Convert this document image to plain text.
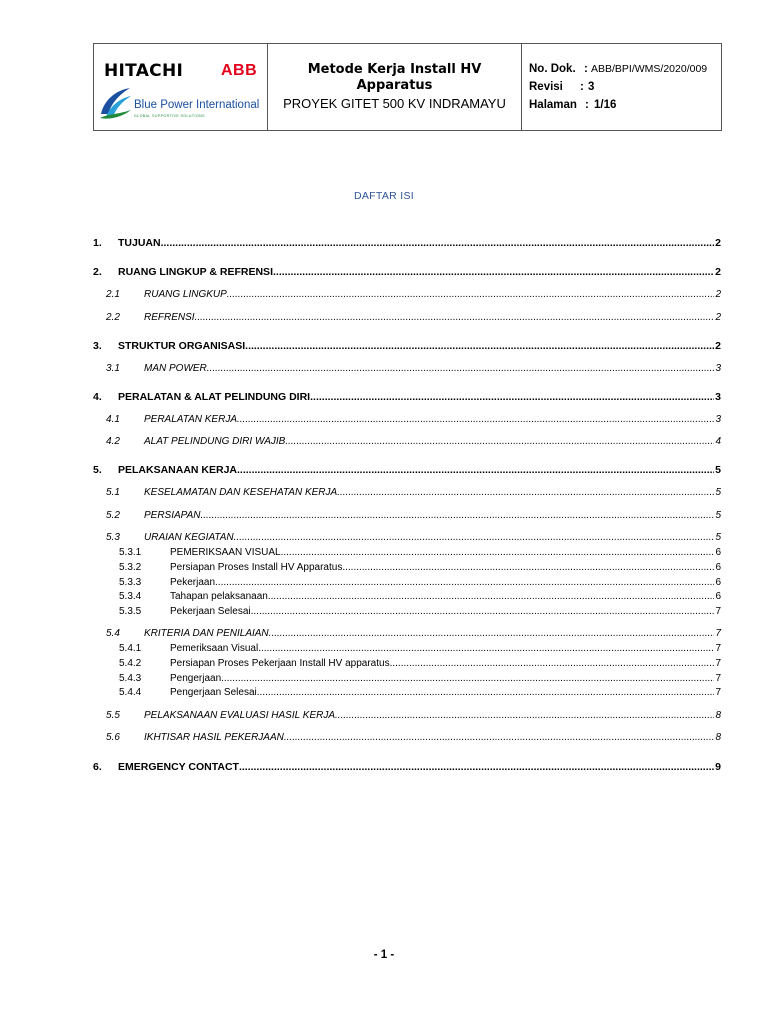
HITACHI ABB
Blue Power International
GLOBAL SUPPORTIVE SOLUTIONS
Metode Kerja Install HV Apparatus
PROYEK GITET 500 KV INDRAMAYU
No. Dok. : ABB/BPI/WMS/2020/009
Revisi	: 3
Halaman : 1/16
DAFTAR ISI
1.	TUJUAN .....	2
2.	RUANG LINGKUP & REFRENSI .....	2
2.1	RUANG LINGKUP .....	2
2.2	REFRENSI .....	2
3.	STRUKTUR ORGANISASI .....	2
3.1	MAN POWER .....	3
4.	PERALATAN & ALAT PELINDUNG DIRI .....	3
4.1	PERALATAN KERJA .....	3
4.2	ALAT PELINDUNG DIRI WAJIB .....	4
5.	PELAKSANAAN KERJA .....	5
5.1	KESELAMATAN DAN KESEHATAN KERJA .....	5
5.2	PERSIAPAN .....	5
5.3	URAIAN KEGIATAN .....	5
5.3.1	PEMERIKSAAN VISUAL .....	6
5.3.2	Persiapan Proses Install HV Apparatus .....	6
5.3.3	Pekerjaan .....	6
5.3.4	Tahapan pelaksanaan .....	6
5.3.5	Pekerjaan Selesai .....	7
5.4	KRITERIA DAN PENILAIAN .....	7
5.4.1	Pemeriksaan Visual .....	7
5.4.2	Persiapan Proses Pekerjaan Install HV apparatus .....	7
5.4.3	Pengerjaan .....	7
5.4.4	Pengerjaan Selesai .....	7
5.5	PELAKSANAAN EVALUASI HASIL KERJA .....	8
5.6	IKHTISAR HASIL PEKERJAAN .....	8
6.	EMERGENCY CONTACT .....	9
- 1 -
